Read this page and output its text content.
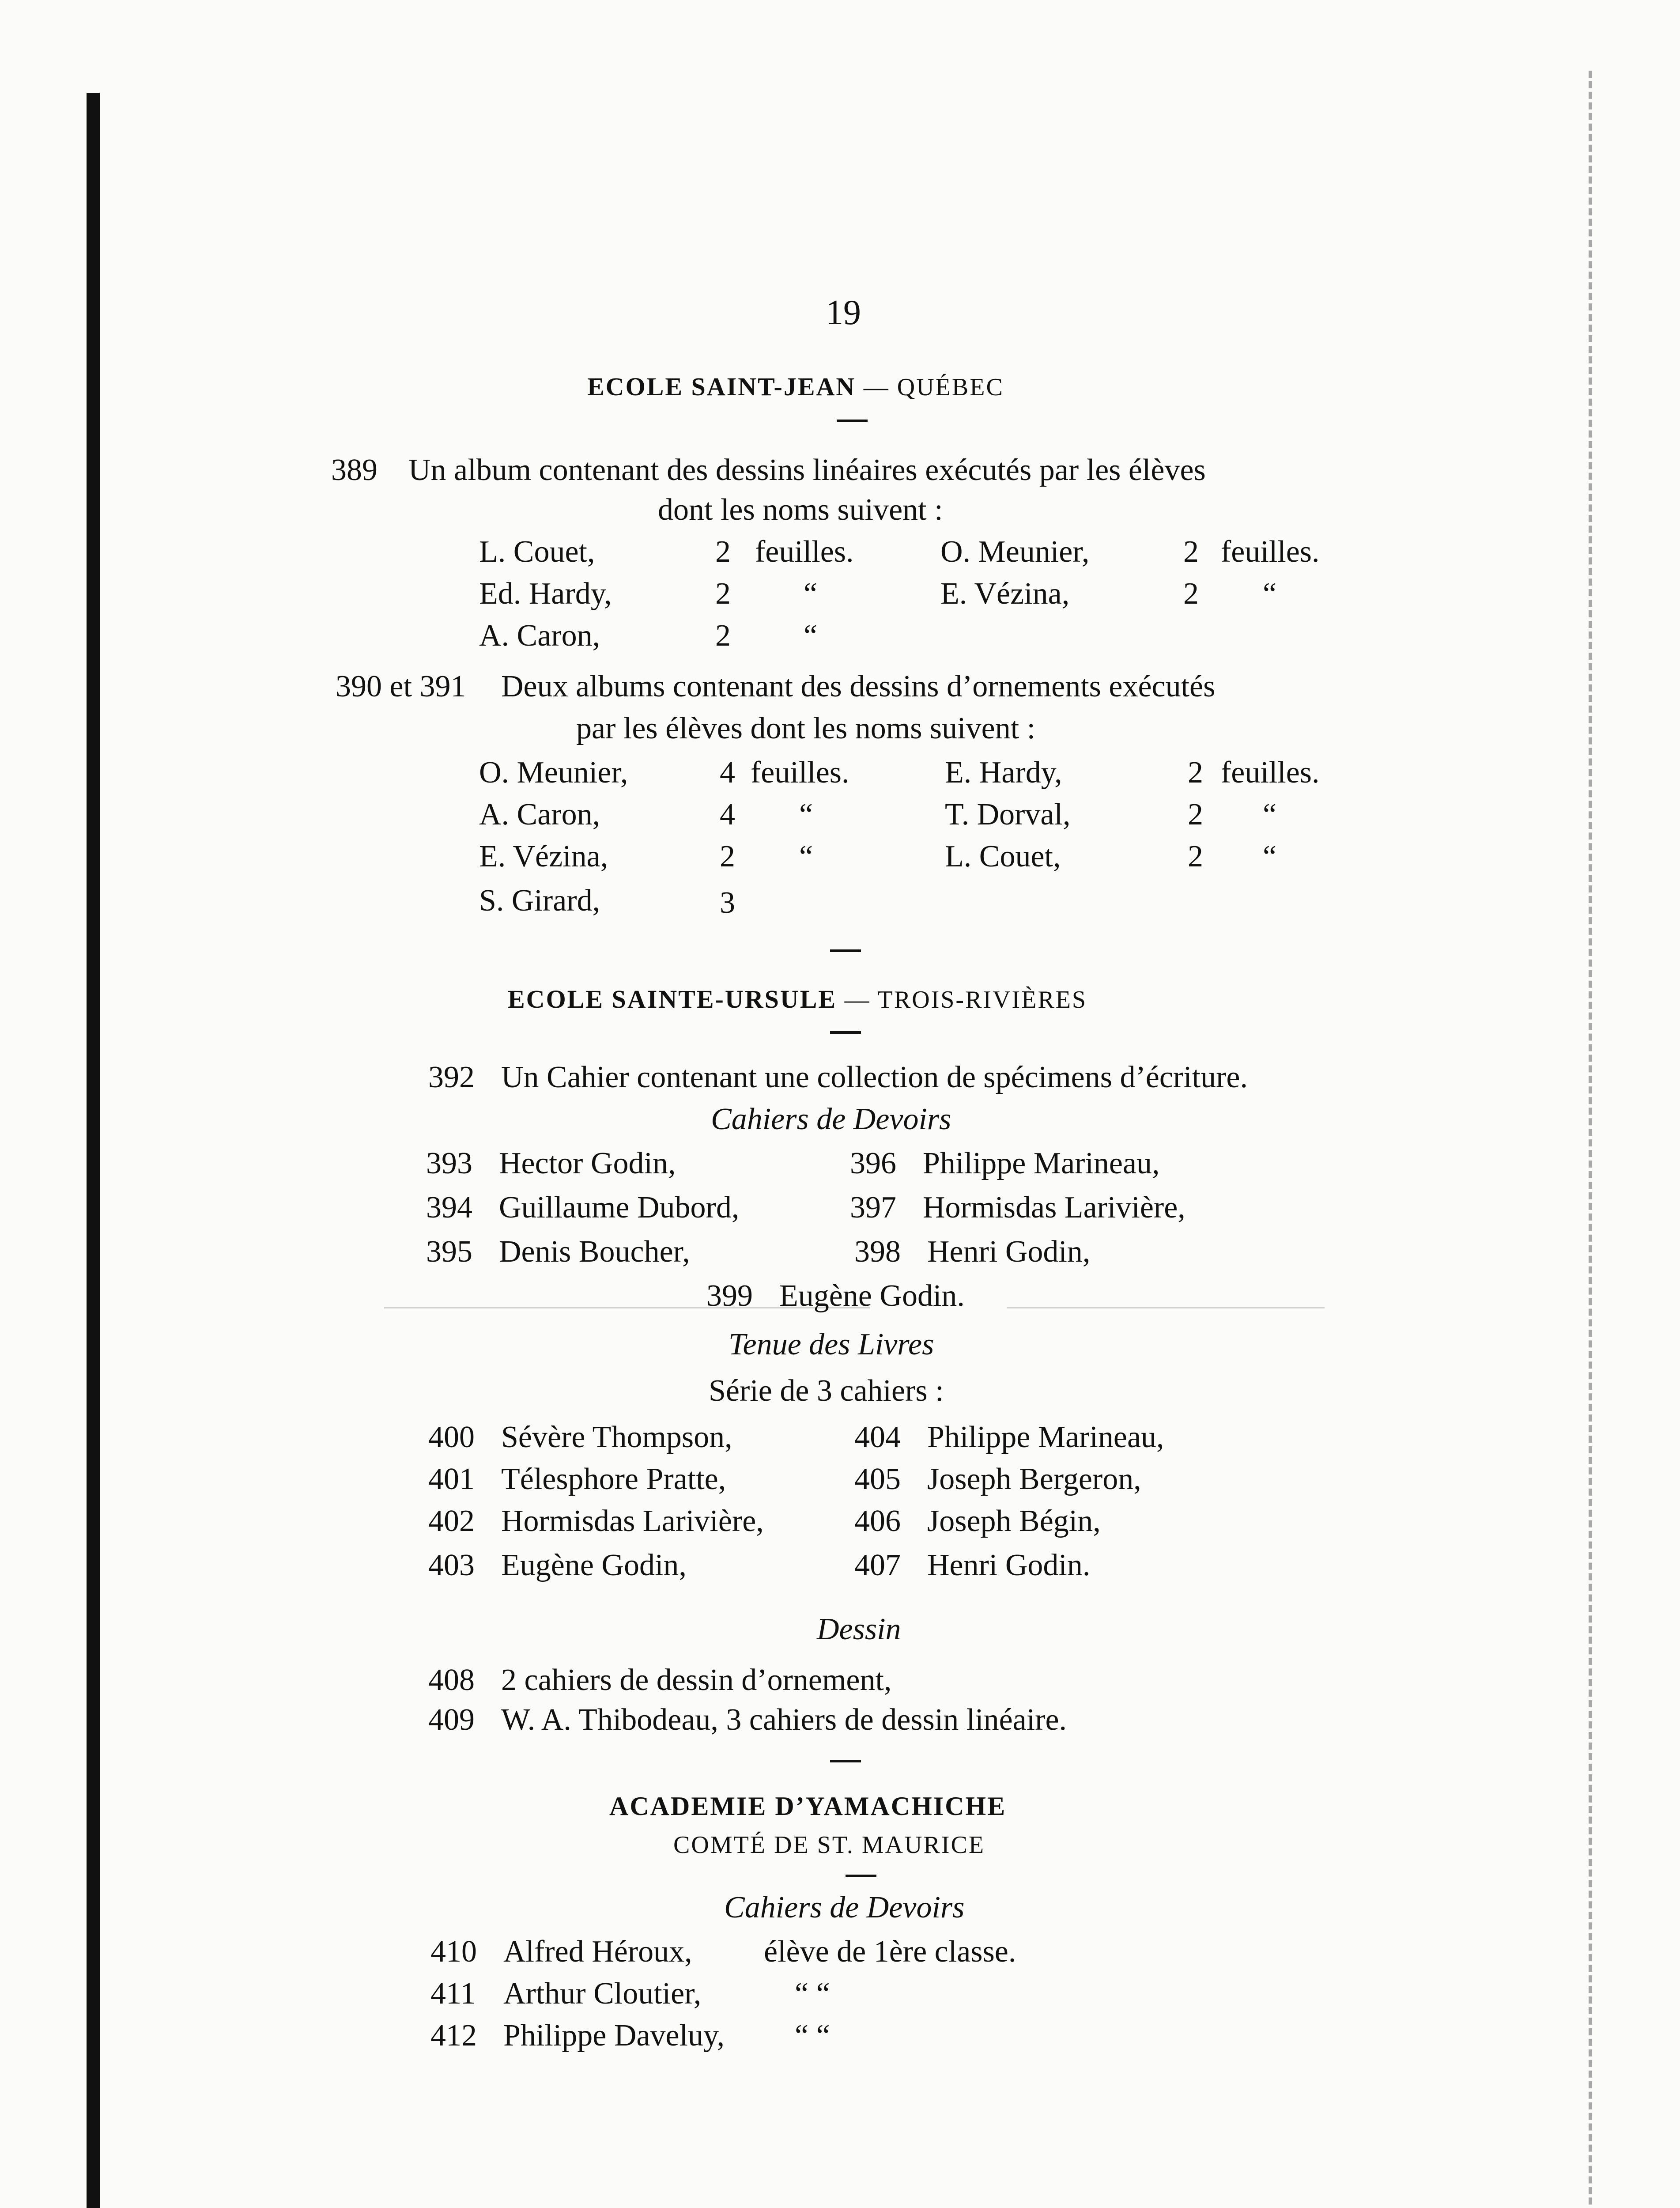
19
ECOLE SAINT-JEAN — QUÉBEC
389 Un album contenant des dessins linéaires exécutés par les élèves
dont les noms suivent :
L. Couet,	2 feuilles.	O. Meunier,	2 feuilles.
Ed. Hardy,	2 “	E. Vézina,	2 “
A. Caron,	2 “
390 et 391 Deux albums contenant des dessins d’ornements exécutés
par les élèves dont les noms suivent :
O. Meunier,	4 feuilles.	E. Hardy,	2 feuilles.
A. Caron,	4 “	T. Dorval,	2 “
E. Vézina,	2 “	L. Couet,	2 “
S. Girard,	3
ECOLE SAINTE-URSULE — TROIS-RIVIÈRES
392 Un Cahier contenant une collection de spécimens d’écriture.
Cahiers de Devoirs
393 Hector Godin,	396 Philippe Marineau,
394 Guillaume Dubord,	397 Hormisdas Larivière,
395 Denis Boucher,	398 Henri Godin,
399 Eugène Godin.
Tenue des Livres
Série de 3 cahiers :
400 Sévère Thompson,	404 Philippe Marineau,
401 Télesphore Pratte,	405 Joseph Bergeron,
402 Hormisdas Larivière,	406 Joseph Bégin,
403 Eugène Godin,	407 Henri Godin.
Dessin
408 2 cahiers de dessin d’ornement,
409 W. A. Thibodeau, 3 cahiers de dessin linéaire.
ACADEMIE D’YAMACHICHE
COMTÉ DE ST. MAURICE
Cahiers de Devoirs
410 Alfred Héroux, élève de 1ère classe.
411 Arthur Cloutier,	“ “
412 Philippe Daveluy, “ “
